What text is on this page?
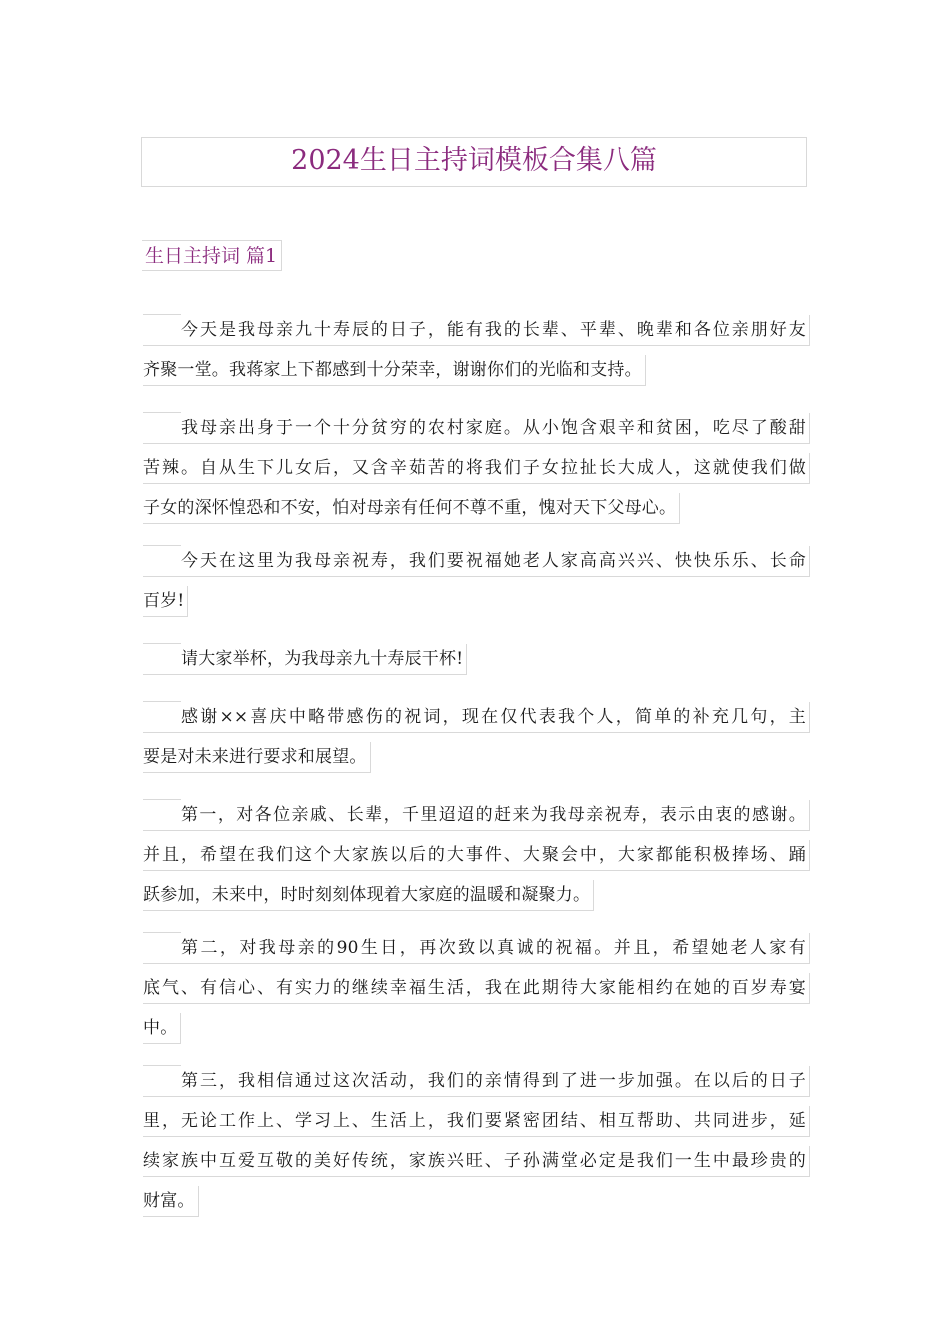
2024生日主持词模板合集八篇
生日主持词 篇1
今天是我母亲九十寿辰的日子，能有我的长辈、平辈、晚辈和各位亲朋好友
齐聚一堂。我蒋家上下都感到十分荣幸，谢谢你们的光临和支持。
我母亲出身于一个十分贫穷的农村家庭。从小饱含艰辛和贫困，吃尽了酸甜
苦辣。自从生下儿女后，又含辛茹苦的将我们子女拉扯长大成人，这就使我们做
子女的深怀惶恐和不安，怕对母亲有任何不尊不重，愧对天下父母心。
今天在这里为我母亲祝寿，我们要祝福她老人家高高兴兴、快快乐乐、长命
百岁!
请大家举杯，为我母亲九十寿辰干杯!
感谢××喜庆中略带感伤的祝词，现在仅代表我个人，简单的补充几句，主
要是对未来进行要求和展望。
第一，对各位亲戚、长辈，千里迢迢的赶来为我母亲祝寿，表示由衷的感谢。
并且，希望在我们这个大家族以后的大事件、大聚会中，大家都能积极捧场、踊
跃参加，未来中，时时刻刻体现着大家庭的温暖和凝聚力。
第二，对我母亲的90生日，再次致以真诚的祝福。并且，希望她老人家有
底气、有信心、有实力的继续幸福生活，我在此期待大家能相约在她的百岁寿宴
中。
第三，我相信通过这次活动，我们的亲情得到了进一步加强。在以后的日子
里，无论工作上、学习上、生活上，我们要紧密团结、相互帮助、共同进步，延
续家族中互爱互敬的美好传统，家族兴旺、子孙满堂必定是我们一生中最珍贵的
财富。
